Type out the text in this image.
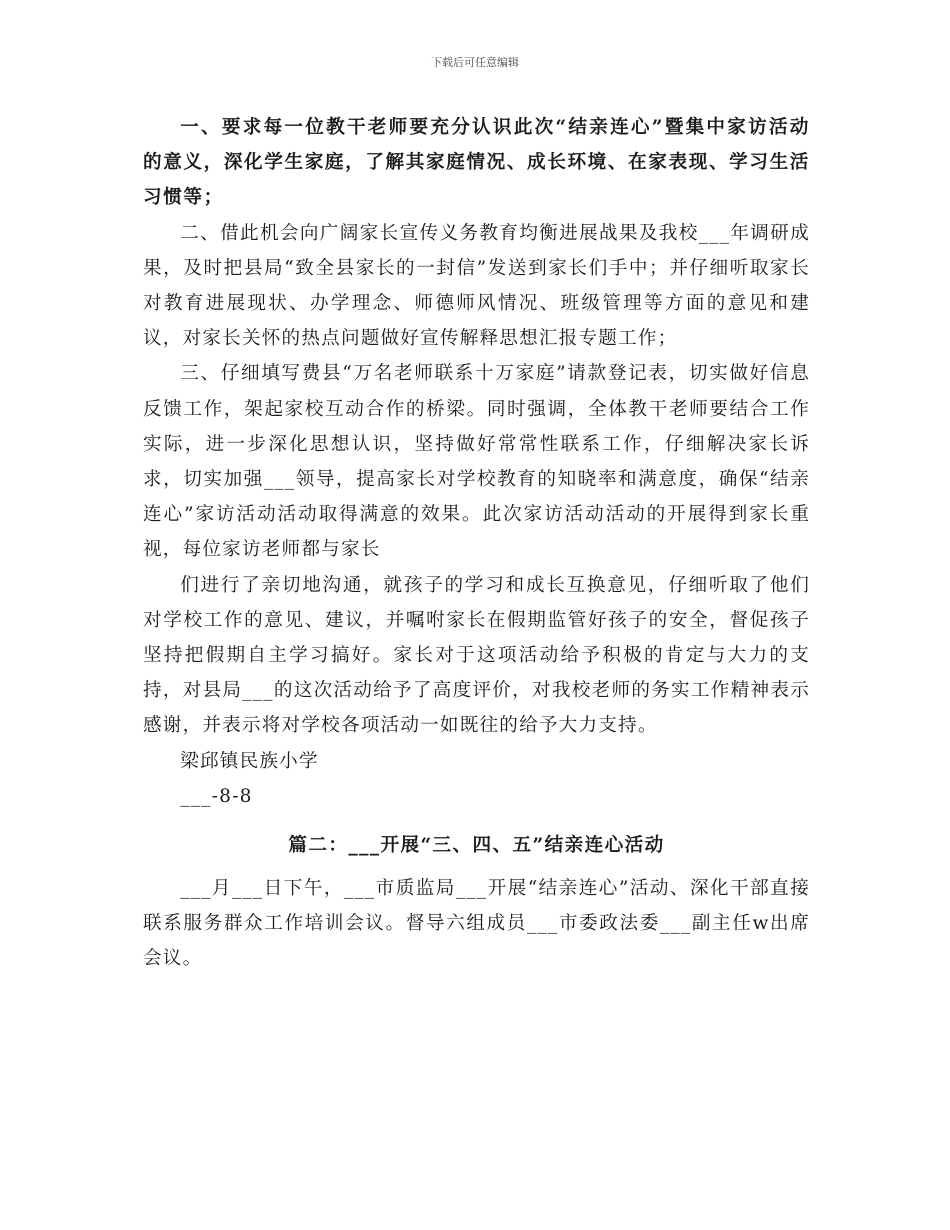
下载后可任意编辑

一、要求每一位教干老师要充分认识此次“结亲连心”暨集中家访活动的意义，深化学生家庭，了解其家庭情况、成长环境、在家表现、学习生活习惯等；

二、借此机会向广阔家长宣传义务教育均衡进展战果及我校___年调研成果，及时把县局“致全县家长的一封信”发送到家长们手中；并仔细听取家长对教育进展现状、办学理念、师德师风情况、班级管理等方面的意见和建议，对家长关怀的热点问题做好宣传解释思想汇报专题工作；

三、仔细填写费县“万名老师联系十万家庭”请款登记表，切实做好信息反馈工作，架起家校互动合作的桥梁。同时强调，全体教干老师要结合工作实际，进一步深化思想认识，坚持做好常常性联系工作，仔细解决家长诉求，切实加强___领导，提高家长对学校教育的知晓率和满意度，确保“结亲连心”家访活动活动取得满意的效果。此次家访活动活动的开展得到家长重视，每位家访老师都与家长

们进行了亲切地沟通，就孩子的学习和成长互换意见，仔细听取了他们对学校工作的意见、建议，并嘱咐家长在假期监管好孩子的安全，督促孩子坚持把假期自主学习搞好。家长对于这项活动给予积极的肯定与大力的支持，对县局___的这次活动给予了高度评价，对我校老师的务实工作精神表示感谢，并表示将对学校各项活动一如既往的给予大力支持。

梁邱镇民族小学

___-8-8

篇二：___开展“三、四、五”结亲连心活动

___月___日下午，___市质监局___开展“结亲连心”活动、深化干部直接联系服务群众工作培训会议。督导六组成员___市委政法委___副主任w出席会议。
